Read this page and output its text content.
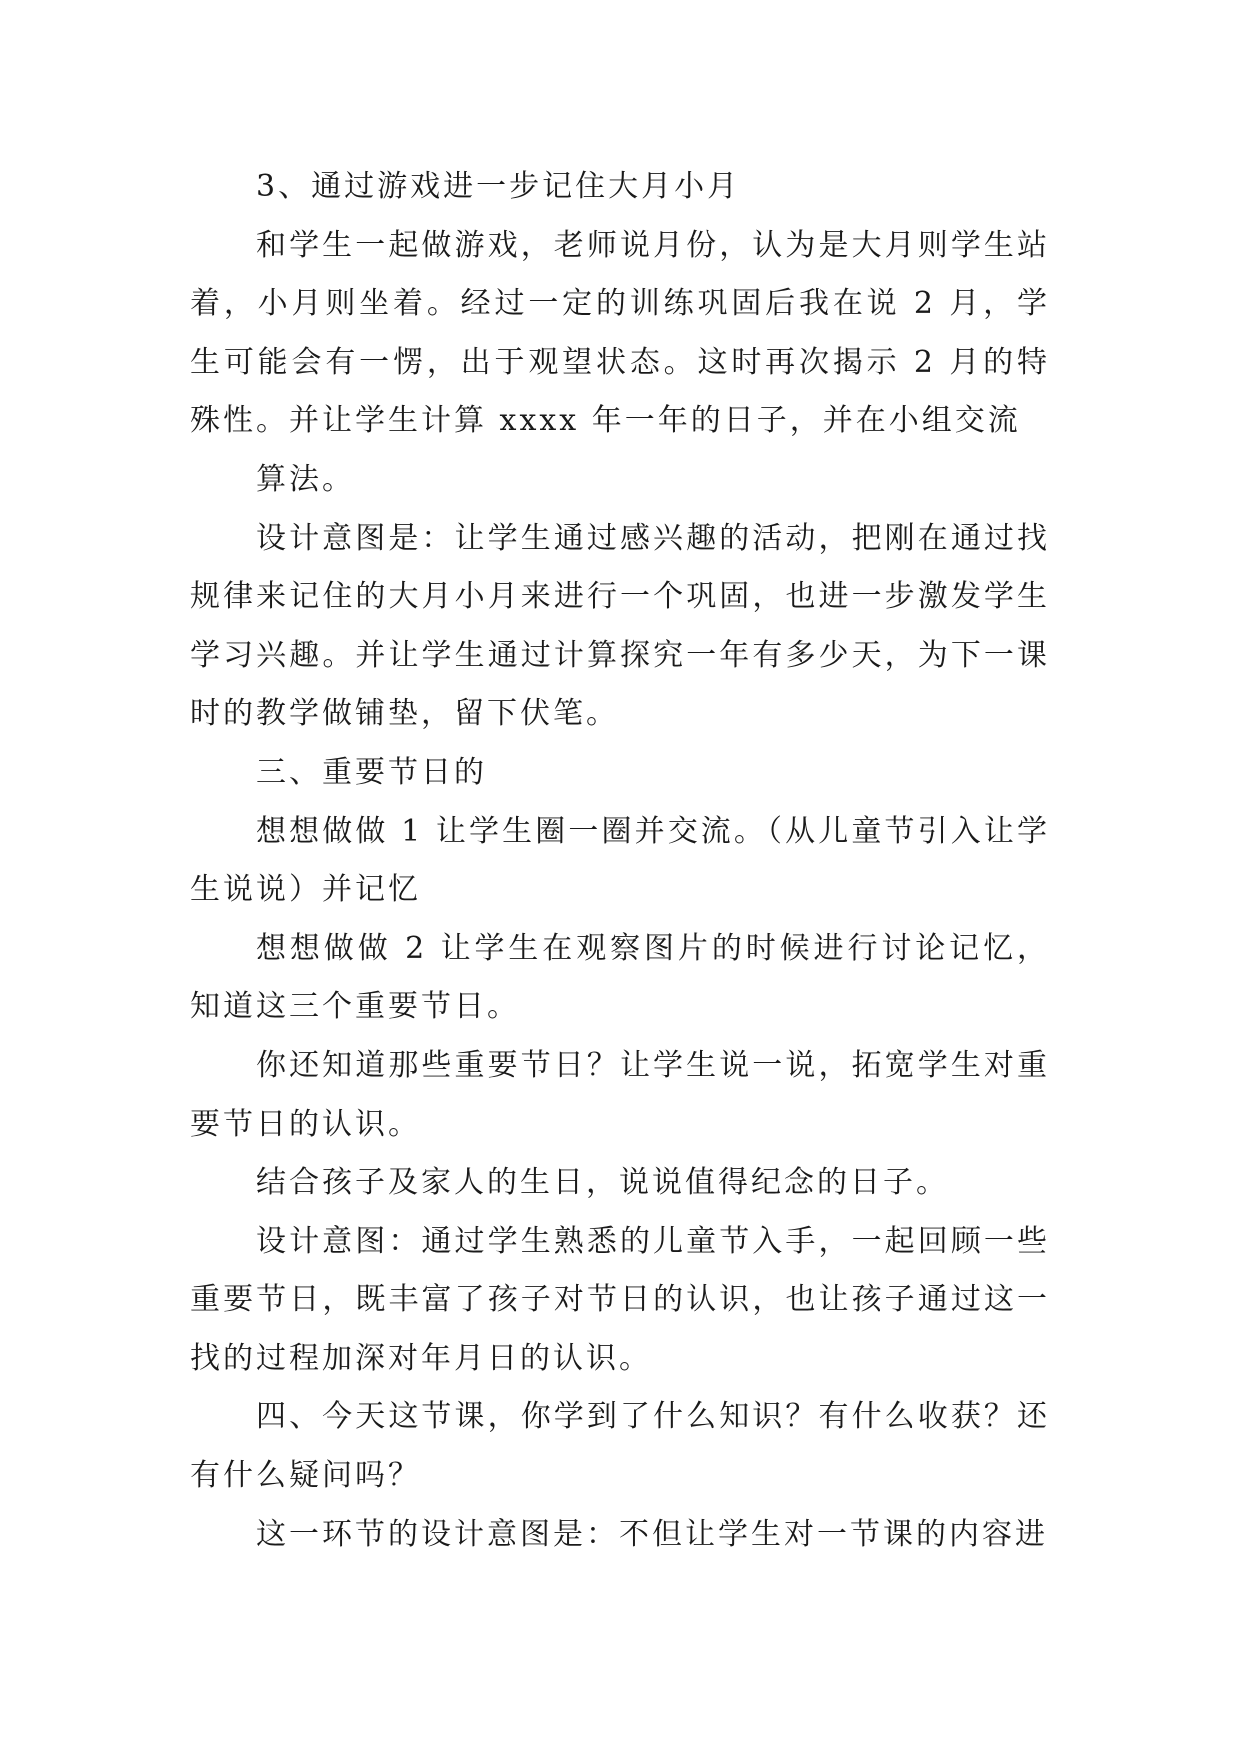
3、通过游戏进一步记住大月小月

和学生一起做游戏，老师说月份，认为是大月则学生站着，小月则坐着。经过一定的训练巩固后我在说 2 月，学生可能会有一愣，出于观望状态。这时再次揭示 2 月的特殊性。并让学生计算 xxxx 年一年的日子，并在小组交流

算法。

设计意图是：让学生通过感兴趣的活动，把刚在通过找规律来记住的大月小月来进行一个巩固，也进一步激发学生学习兴趣。并让学生通过计算探究一年有多少天，为下一课时的教学做铺垫，留下伏笔。

三、重要节日的

想想做做 1 让学生圈一圈并交流。（从儿童节引入让学生说说）并记忆

想想做做 2 让学生在观察图片的时候进行讨论记忆，知道这三个重要节日。

你还知道那些重要节日？让学生说一说，拓宽学生对重要节日的认识。

结合孩子及家人的生日，说说值得纪念的日子。

设计意图：通过学生熟悉的儿童节入手，一起回顾一些重要节日，既丰富了孩子对节日的认识，也让孩子通过这一找的过程加深对年月日的认识。

四、今天这节课，你学到了什么知识？有什么收获？还有什么疑问吗？

这一环节的设计意图是：不但让学生对一节课的内容进
